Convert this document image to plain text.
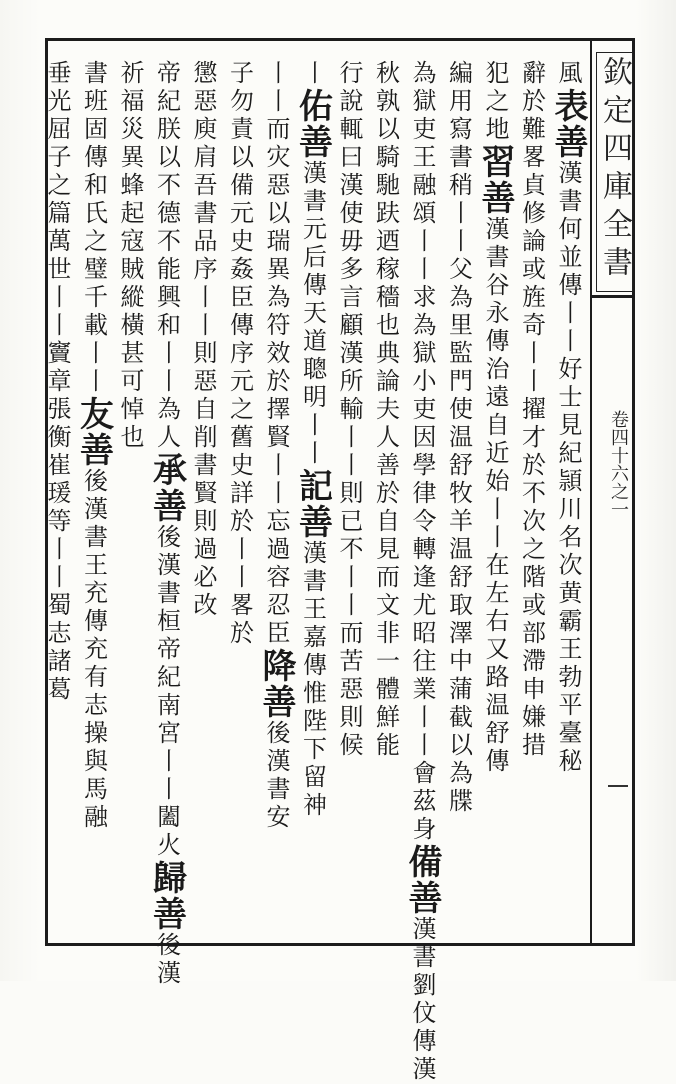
欽定四庫全書
卷四十六之一
風表善漢書何並傳丨丨好士見紀頴川名次黄霸王勃平臺秘
辭於難畧貞修論或旌奇丨丨擢才於不次之階或部滯申嫌措
犯之地習善漢書谷永傳治遠自近始丨丨在左右又路温舒傳
編用寫書稍丨丨父為里監門使温舒牧羊温舒取澤中蒲截以為牒
為獄吏王融頌丨丨求為獄小吏因學律令轉逢尤昭往業丨丨會茲身備善漢書劉伩傳漢
秋孰以騎馳趺迺稼穡也典論夫人善於自見而文非一體鮮能
行說輒曰漢使毋多言顧漢所輸丨丨則已不丨丨而苦惡則候
丨佑善漢書元后傳天道聰明丨丨記善漢書王嘉傳惟陛下留神
丨丨而灾惡以瑞異為符效於擇賢丨丨忘過容忍臣降善後漢書安
子勿責以備元史姦臣傳序元之舊史詳於丨丨畧於
懲惡庾肩吾書品序丨丨則惡自削書賢則過必改
帝紀朕以不德不能興和丨丨為人承善後漢書桓帝紀南宮丨丨闔火歸善後漢
祈福災異蜂起寇賊縱橫甚可悼也
書班固傳和氏之璧千載丨丨友善後漢書王充傳充有志操與馬融
垂光屈子之篇萬世丨丨竇章張衡崔瑗等丨丨蜀志諸葛
